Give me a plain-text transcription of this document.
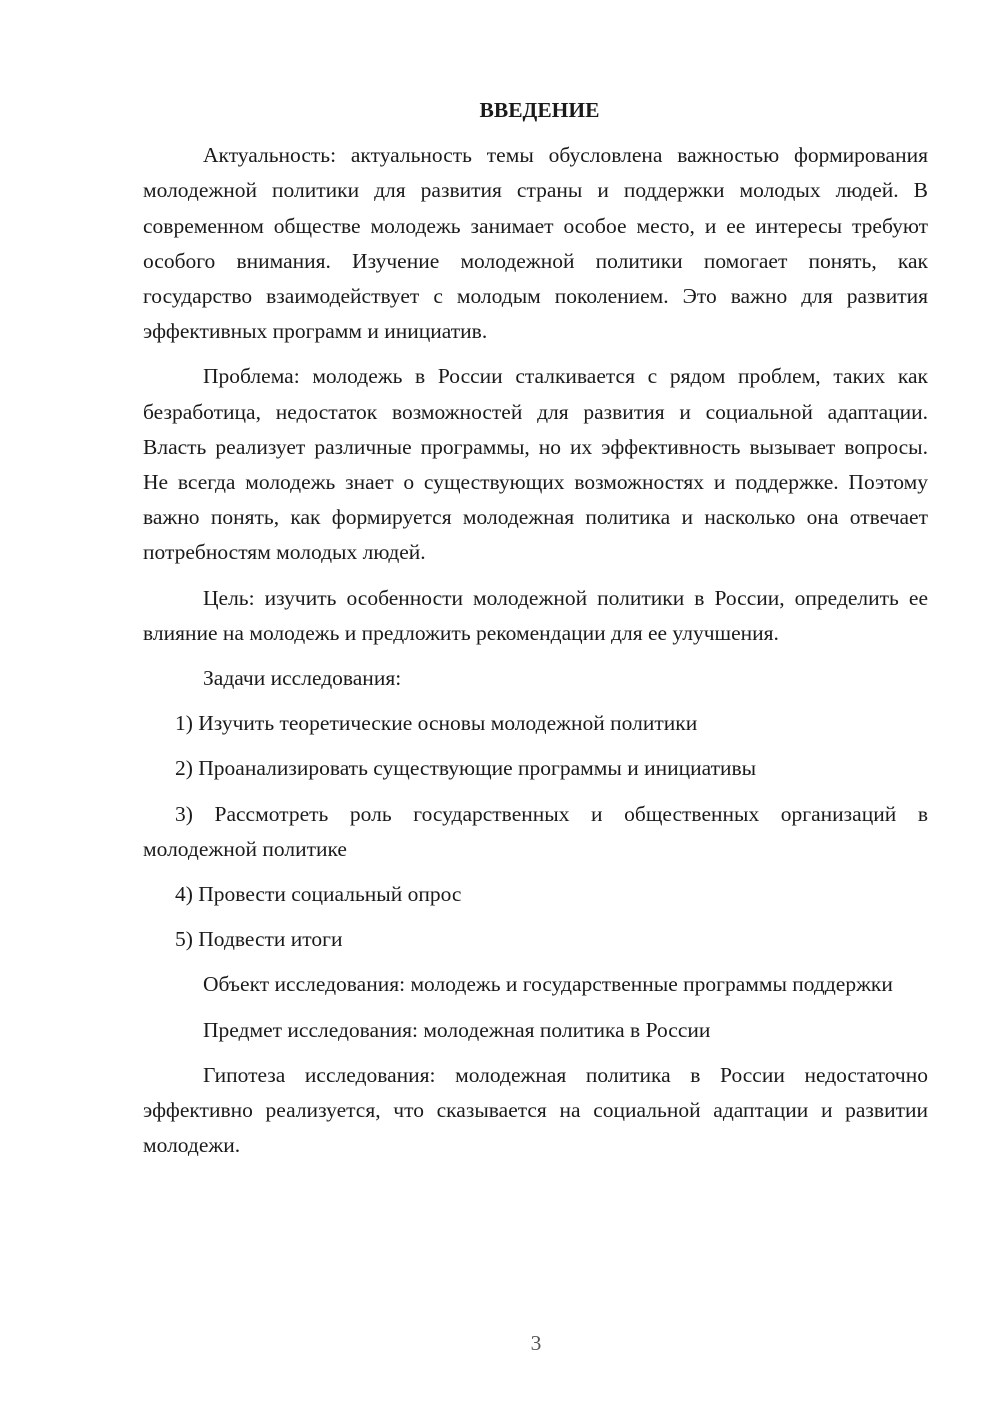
ВВЕДЕНИЕ

Актуальность: актуальность темы обусловлена важностью формирования молодежной политики для развития страны и поддержки молодых людей. В современном обществе молодежь занимает особое место, и ее интересы требуют особого внимания. Изучение молодежной политики помогает понять, как государство взаимодействует с молодым поколением. Это важно для развития эффективных программ и инициатив.

Проблема: молодежь в России сталкивается с рядом проблем, таких как безработица, недостаток возможностей для развития и социальной адаптации. Власть реализует различные программы, но их эффективность вызывает вопросы. Не всегда молодежь знает о существующих возможностях и поддержке. Поэтому важно понять, как формируется молодежная политика и насколько она отвечает потребностям молодых людей.

Цель: изучить особенности молодежной политики в России, определить ее влияние на молодежь и предложить рекомендации для ее улучшения.

Задачи исследования:

1) Изучить теоретические основы молодежной политики

2) Проанализировать существующие программы и инициативы

3) Рассмотреть роль государственных и общественных организаций в молодежной политике

4) Провести социальный опрос

5) Подвести итоги

Объект исследования: молодежь и государственные программы поддержки

Предмет исследования: молодежная политика в России

Гипотеза исследования: молодежная политика в России недостаточно эффективно реализуется, что сказывается на социальной адаптации и развитии молодежи.

3
